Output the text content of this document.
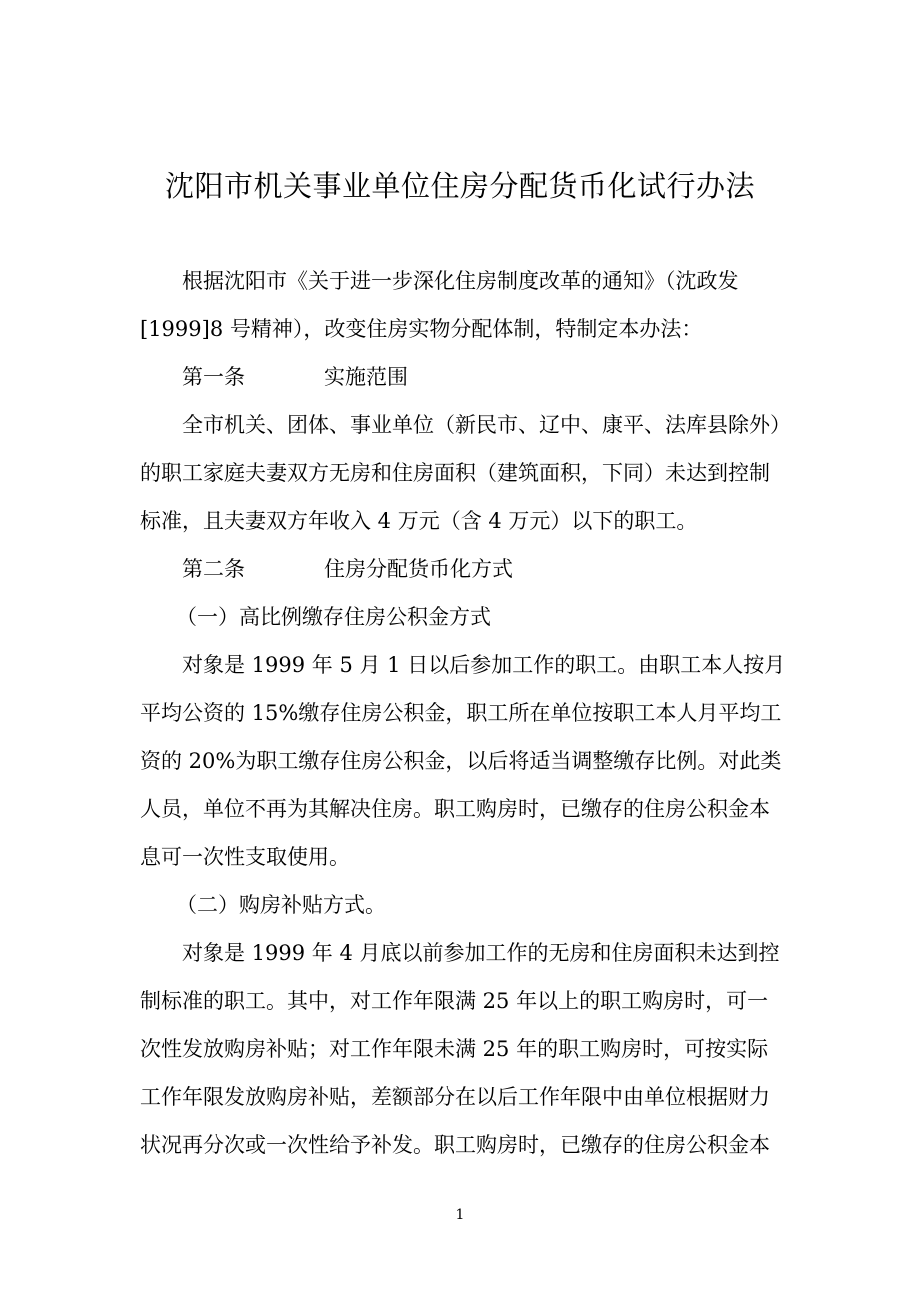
沈阳市机关事业单位住房分配货币化试行办法

根据沈阳市《关于进一步深化住房制度改革的通知》（沈政发

[1999]8 号精神），改变住房实物分配体制，特制定本办法：

第一条	实施范围

全市机关、团体、事业单位（新民市、辽中、康平、法库县除外）

的职工家庭夫妻双方无房和住房面积（建筑面积，下同）未达到控制

标准，且夫妻双方年收入 4 万元（含 4 万元）以下的职工。

第二条	住房分配货币化方式

（一）高比例缴存住房公积金方式

对象是 1999 年 5 月 1 日以后参加工作的职工。由职工本人按月

平均公资的 15%缴存住房公积金，职工所在单位按职工本人月平均工

资的 20%为职工缴存住房公积金，以后将适当调整缴存比例。对此类

人员，单位不再为其解决住房。职工购房时，已缴存的住房公积金本

息可一次性支取使用。

（二）购房补贴方式。

对象是 1999 年 4 月底以前参加工作的无房和住房面积未达到控

制标准的职工。其中，对工作年限满 25 年以上的职工购房时，可一

次性发放购房补贴；对工作年限未满 25 年的职工购房时，可按实际

工作年限发放购房补贴，差额部分在以后工作年限中由单位根据财力

状况再分次或一次性给予补发。职工购房时，已缴存的住房公积金本

1
